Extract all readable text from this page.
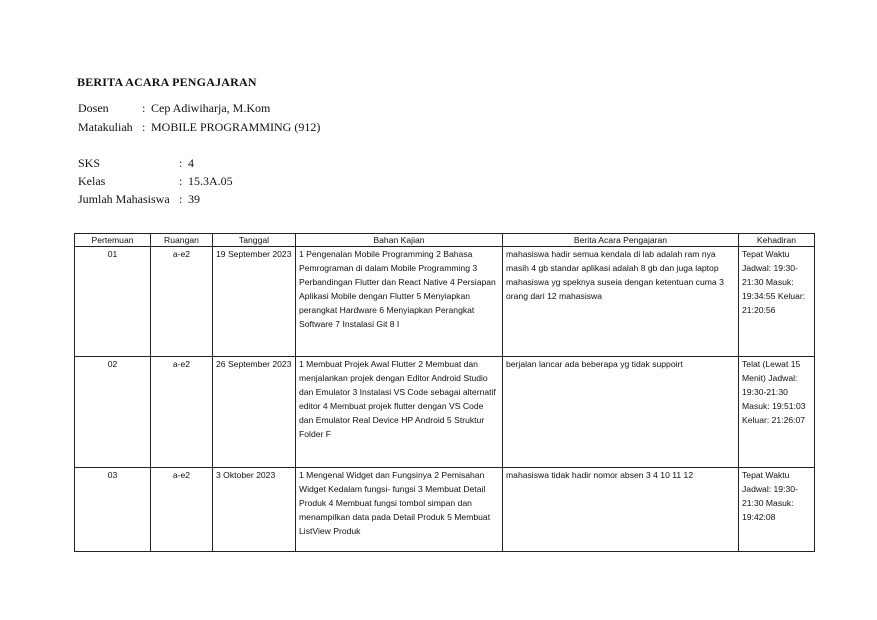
BERITA ACARA PENGAJARAN
Dosen	: Cep Adiwiharja, M.Kom
Matakuliah : MOBILE PROGRAMMING (912)
SKS	: 4
Kelas	: 15.3A.05
Jumlah Mahasiswa : 39
Pertemuan	Ruangan	Tanggal	Bahan Kajian	Berita Acara Pengajaran	Kehadiran
01	a-e2	19 September 2023	1 Pengenalan Mobile Programming 2 Bahasa Pemrograman di dalam Mobile Programming 3 Perbandingan Flutter dan React Native 4 Persiapan Aplikasi Mobile dengan Flutter 5 Menyiapkan perangkat Hardware 6 Menyiapkan Perangkat Software 7 Instalasi Git 8 I	mahasiswa hadir semua kendala di lab adalah ram nya masih 4 gb standar aplikasi adalah 8 gb dan juga laptop mahasiswa yg speknya suseia dengan ketentuan cuma 3 orang dari 12 mahasiswa	Tepat Waktu Jadwal: 19:30-21:30 Masuk: 19:34:55 Keluar: 21:20:56
02	a-e2	26 September 2023	1 Membuat Projek Awal Flutter 2 Membuat dan menjalankan projek dengan Editor Android Studio dan Emulator 3 Instalasi VS Code sebagai alternatif editor 4 Membuat projek flutter dengan VS Code dan Emulator Real Device HP Android 5 Struktur Folder F	berjalan lancar ada beberapa yg tidak suppoirt	Telat (Lewat 15 Menit) Jadwal: 19:30-21:30 Masuk: 19:51:03 Keluar: 21:26:07
03	a-e2	3 Oktober 2023	1 Mengenal Widget dan Fungsinya 2 Pemisahan Widget Kedalam fungsi- fungsi 3 Membuat Detail Produk 4 Membuat fungsi tombol simpan dan menampilkan data pada Detail Produk 5 Membuat ListView Produk	mahasiswa tidak hadir nomor absen 3 4 10 11 12	Tepat Waktu Jadwal: 19:30-21:30 Masuk: 19:42:08
